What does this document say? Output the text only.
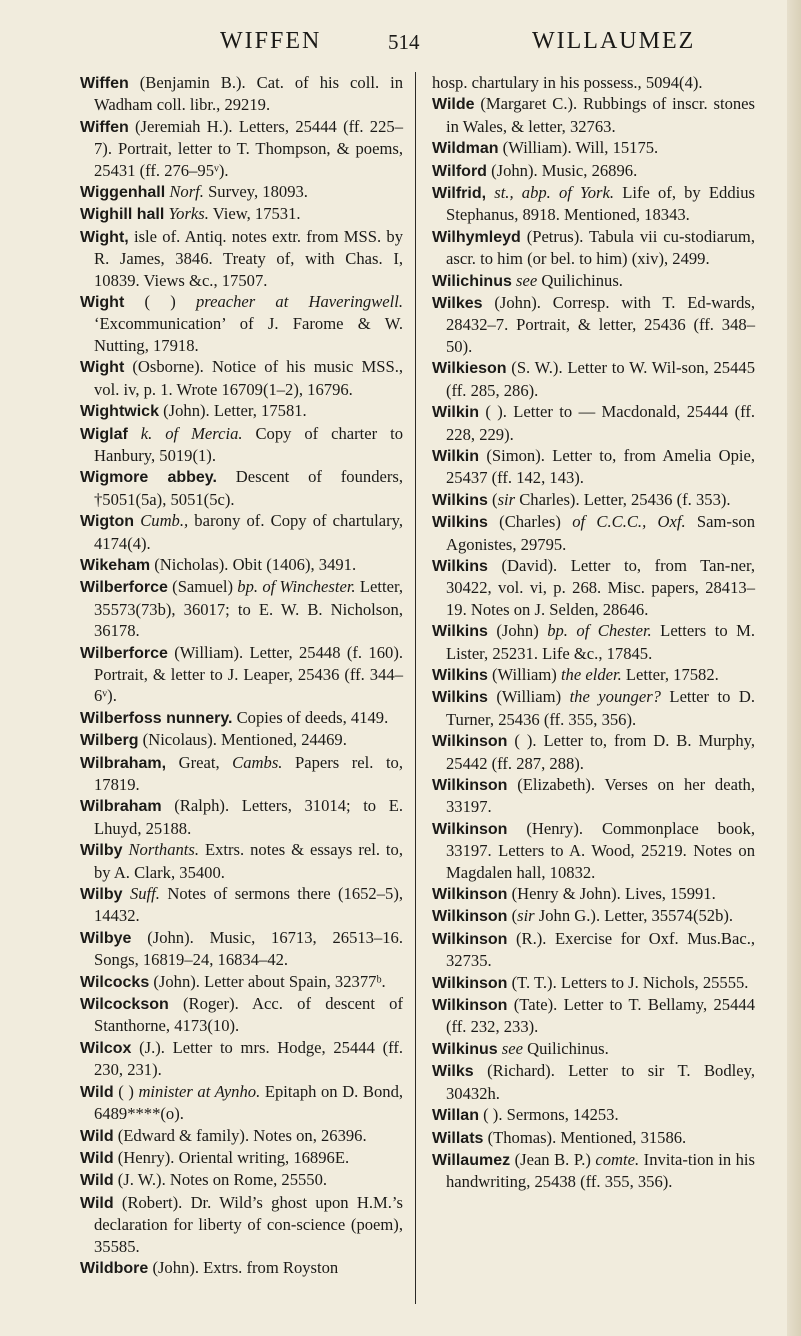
WIFFEN	514	WILLAUMEZ

Wiffen (Benjamin B.). Cat. of his coll. in Wadham coll. libr., 29219.

Wiffen (Jeremiah H.). Letters, 25444 (ff. 225–7). Portrait, letter to T. Thompson, & poems, 25431 (ff. 276–95ᵛ).

Wiggenhall Norf. Survey, 18093.

Wighill hall Yorks. View, 17531.

Wight, isle of. Antiq. notes extr. from MSS. by R. James, 3846. Treaty of, with Chas. I, 10839. Views &c., 17507.

Wight ( ) preacher at Haveringwell. ‘Excommunication’ of J. Farome & W. Nutting, 17918.

Wight (Osborne). Notice of his music MSS., vol. iv, p. 1. Wrote 16709(1–2), 16796.

Wightwick (John). Letter, 17581.

Wiglaf k. of Mercia. Copy of charter to Hanbury, 5019(1).

Wigmore abbey. Descent of founders, †5051(5a), 5051(5c).

Wigton Cumb., barony of. Copy of chartulary, 4174(4).

Wikeham (Nicholas). Obit (1406), 3491.

Wilberforce (Samuel) bp. of Winchester. Letter, 35573(73b), 36017; to E. W. B. Nicholson, 36178.

Wilberforce (William). Letter, 25448 (f. 160). Portrait, & letter to J. Leaper, 25436 (ff. 344–6ᵛ).

Wilberfoss nunnery. Copies of deeds, 4149.

Wilberg (Nicolaus). Mentioned, 24469.

Wilbraham, Great, Cambs. Papers rel. to, 17819.

Wilbraham (Ralph). Letters, 31014; to E. Lhuyd, 25188.

Wilby Northants. Extrs. notes & essays rel. to, by A. Clark, 35400.

Wilby Suff. Notes of sermons there (1652–5), 14432.

Wilbye (John). Music, 16713, 26513–16. Songs, 16819–24, 16834–42.

Wilcocks (John). Letter about Spain, 32377ᵇ.

Wilcockson (Roger). Acc. of descent of Stanthorne, 4173(10).

Wilcox (J.). Letter to mrs. Hodge, 25444 (ff. 230, 231).

Wild ( ) minister at Aynho. Epitaph on D. Bond, 6489****(o).

Wild (Edward & family). Notes on, 26396.

Wild (Henry). Oriental writing, 16896E.

Wild (J. W.). Notes on Rome, 25550.

Wild (Robert). Dr. Wild’s ghost upon H.M.’s declaration for liberty of con-science (poem), 35585.

Wildbore (John). Extrs. from Royston

hosp. chartulary in his possess., 5094(4).

Wilde (Margaret C.). Rubbings of inscr. stones in Wales, & letter, 32763.

Wildman (William). Will, 15175.

Wilford (John). Music, 26896.

Wilfrid, st., abp. of York. Life of, by Eddius Stephanus, 8918. Mentioned, 18343.

Wilhymleyd (Petrus). Tabula vii cu-stodiarum, ascr. to him (or bel. to him) (xiv), 2499.

Wilichinus see Quilichinus.

Wilkes (John). Corresp. with T. Ed-wards, 28432–7. Portrait, & letter, 25436 (ff. 348–50).

Wilkieson (S. W.). Letter to W. Wil-son, 25445 (ff. 285, 286).

Wilkin ( ). Letter to — Macdonald, 25444 (ff. 228, 229).

Wilkin (Simon). Letter to, from Amelia Opie, 25437 (ff. 142, 143).

Wilkins (sir Charles). Letter, 25436 (f. 353).

Wilkins (Charles) of C.C.C., Oxf. Sam-son Agonistes, 29795.

Wilkins (David). Letter to, from Tan-ner, 30422, vol. vi, p. 268. Misc. papers, 28413–19. Notes on J. Selden, 28646.

Wilkins (John) bp. of Chester. Letters to M. Lister, 25231. Life &c., 17845.

Wilkins (William) the elder. Letter, 17582.

Wilkins (William) the younger? Letter to D. Turner, 25436 (ff. 355, 356).

Wilkinson ( ). Letter to, from D. B. Murphy, 25442 (ff. 287, 288).

Wilkinson (Elizabeth). Verses on her death, 33197.

Wilkinson (Henry). Commonplace book, 33197. Letters to A. Wood, 25219. Notes on Magdalen hall, 10832.

Wilkinson (Henry & John). Lives, 15991.

Wilkinson (sir John G.). Letter, 35574(52b).

Wilkinson (R.). Exercise for Oxf. Mus.Bac., 32735.

Wilkinson (T. T.). Letters to J. Nichols, 25555.

Wilkinson (Tate). Letter to T. Bellamy, 25444 (ff. 232, 233).

Wilkinus see Quilichinus.

Wilks (Richard). Letter to sir T. Bodley, 30432h.

Willan ( ). Sermons, 14253.

Willats (Thomas). Mentioned, 31586.

Willaumez (Jean B. P.) comte. Invita-tion in his handwriting, 25438 (ff. 355, 356).
